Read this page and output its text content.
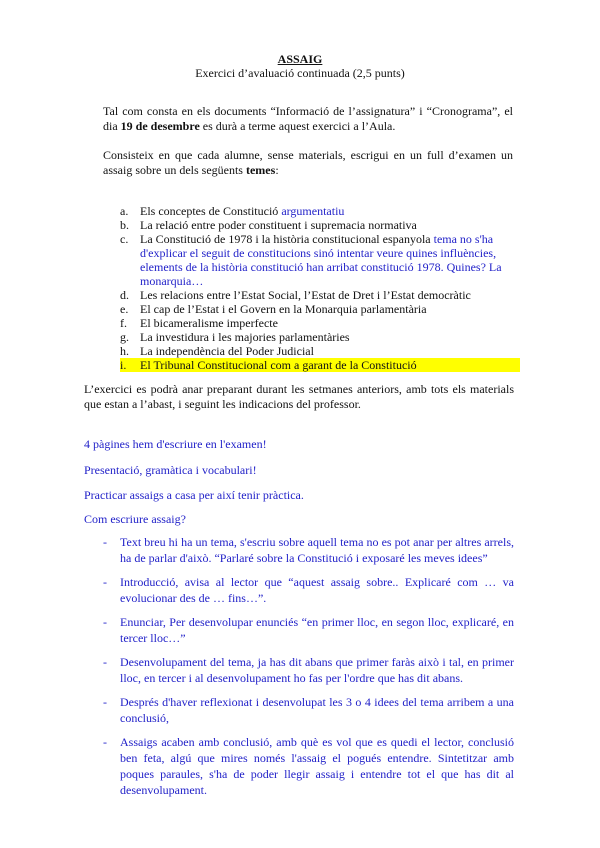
ASSAIG
Exercici d’avaluació continuada (2,5 punts)
Tal com consta en els documents “Informació de l’assignatura” i “Cronograma”, el dia 19 de desembre es durà a terme aquest exercici a l’Aula.
Consisteix en que cada alumne, sense materials, escrigui en un full d’examen un assaig sobre un dels següents temes:
a. Els conceptes de Constitució argumentatiu
b. La relació entre poder constituent i supremacia normativa
c. La Constitució de 1978 i la història constitucional espanyola tema no s'ha d'explicar el seguit de constitucions sinó intentar veure quines influències, elements de la història constitució han arribat constitució 1978. Quines? La monarquia…
d. Les relacions entre l’Estat Social, l’Estat de Dret i l’Estat democràtic
e. El cap de l’Estat i el Govern en la Monarquia parlamentària
f. El bicameralisme imperfecte
g. La investidura i les majories parlamentàries
h. La independència del Poder Judicial
i. El Tribunal Constitucional com a garant de la Constitució
L’exercici es podrà anar preparant durant les setmanes anteriors, amb tots els materials que estan a l’abast, i seguint les indicacions del professor.
4 pàgines hem d'escriure en l'examen!
Presentació, gramàtica i vocabulari!
Practicar assaigs a casa per així tenir pràctica.
Com escriure assaig?
- Text breu hi ha un tema, s'escriu sobre aquell tema no es pot anar per altres arrels, ha de parlar d'això. “Parlaré sobre la Constitució i exposaré les meves idees”
- Introducció, avisa al lector que “aquest assaig sobre.. Explicaré com … va evolucionar des de … fins…”.
- Enunciar, Per desenvolupar enunciés “en primer lloc, en segon lloc, explicaré, en tercer lloc…”
- Desenvolupament del tema, ja has dit abans que primer faràs això i tal, en primer lloc, en tercer i al desenvolupament ho fas per l'ordre que has dit abans.
- Després d'haver reflexionat i desenvolupat les 3 o 4 idees del tema arribem a una conclusió,
- Assaigs acaben amb conclusió, amb què es vol que es quedi el lector, conclusió ben feta, algú que mires només l'assaig el pogués entendre. Sintetitzar amb poques paraules, s'ha de poder llegir assaig i entendre tot el que has dit al desenvolupament.
